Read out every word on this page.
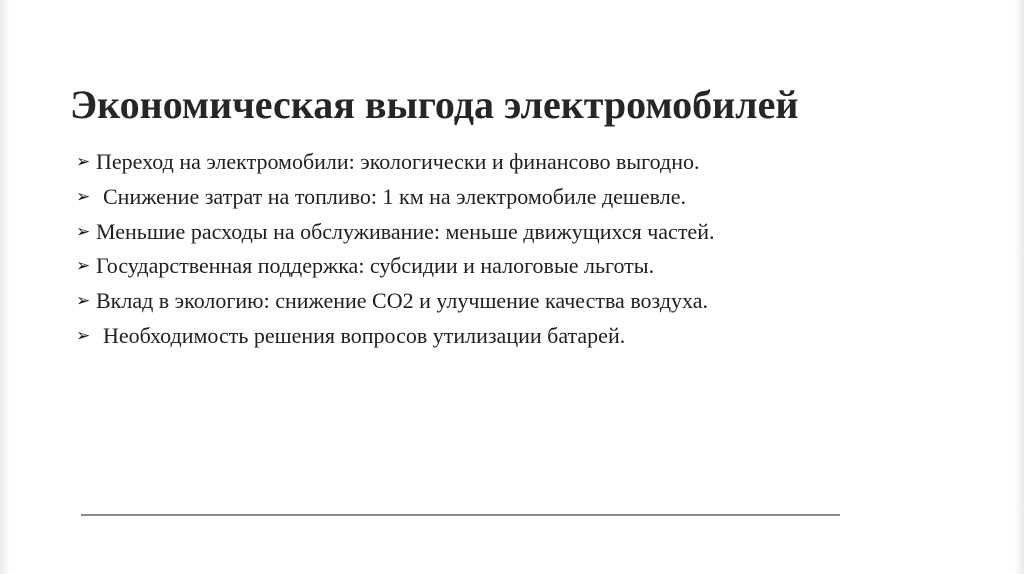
Экономическая выгода электромобилей
➢ Переход на электромобили: экологически и финансово выгодно.
➢ Снижение затрат на топливо: 1 км на электромобиле дешевле.
➢ Меньшие расходы на обслуживание: меньше движущихся частей.
➢ Государственная поддержка: субсидии и налоговые льготы.
➢ Вклад в экологию: снижение CO2 и улучшение качества воздуха.
➢ Необходимость решения вопросов утилизации батарей.
